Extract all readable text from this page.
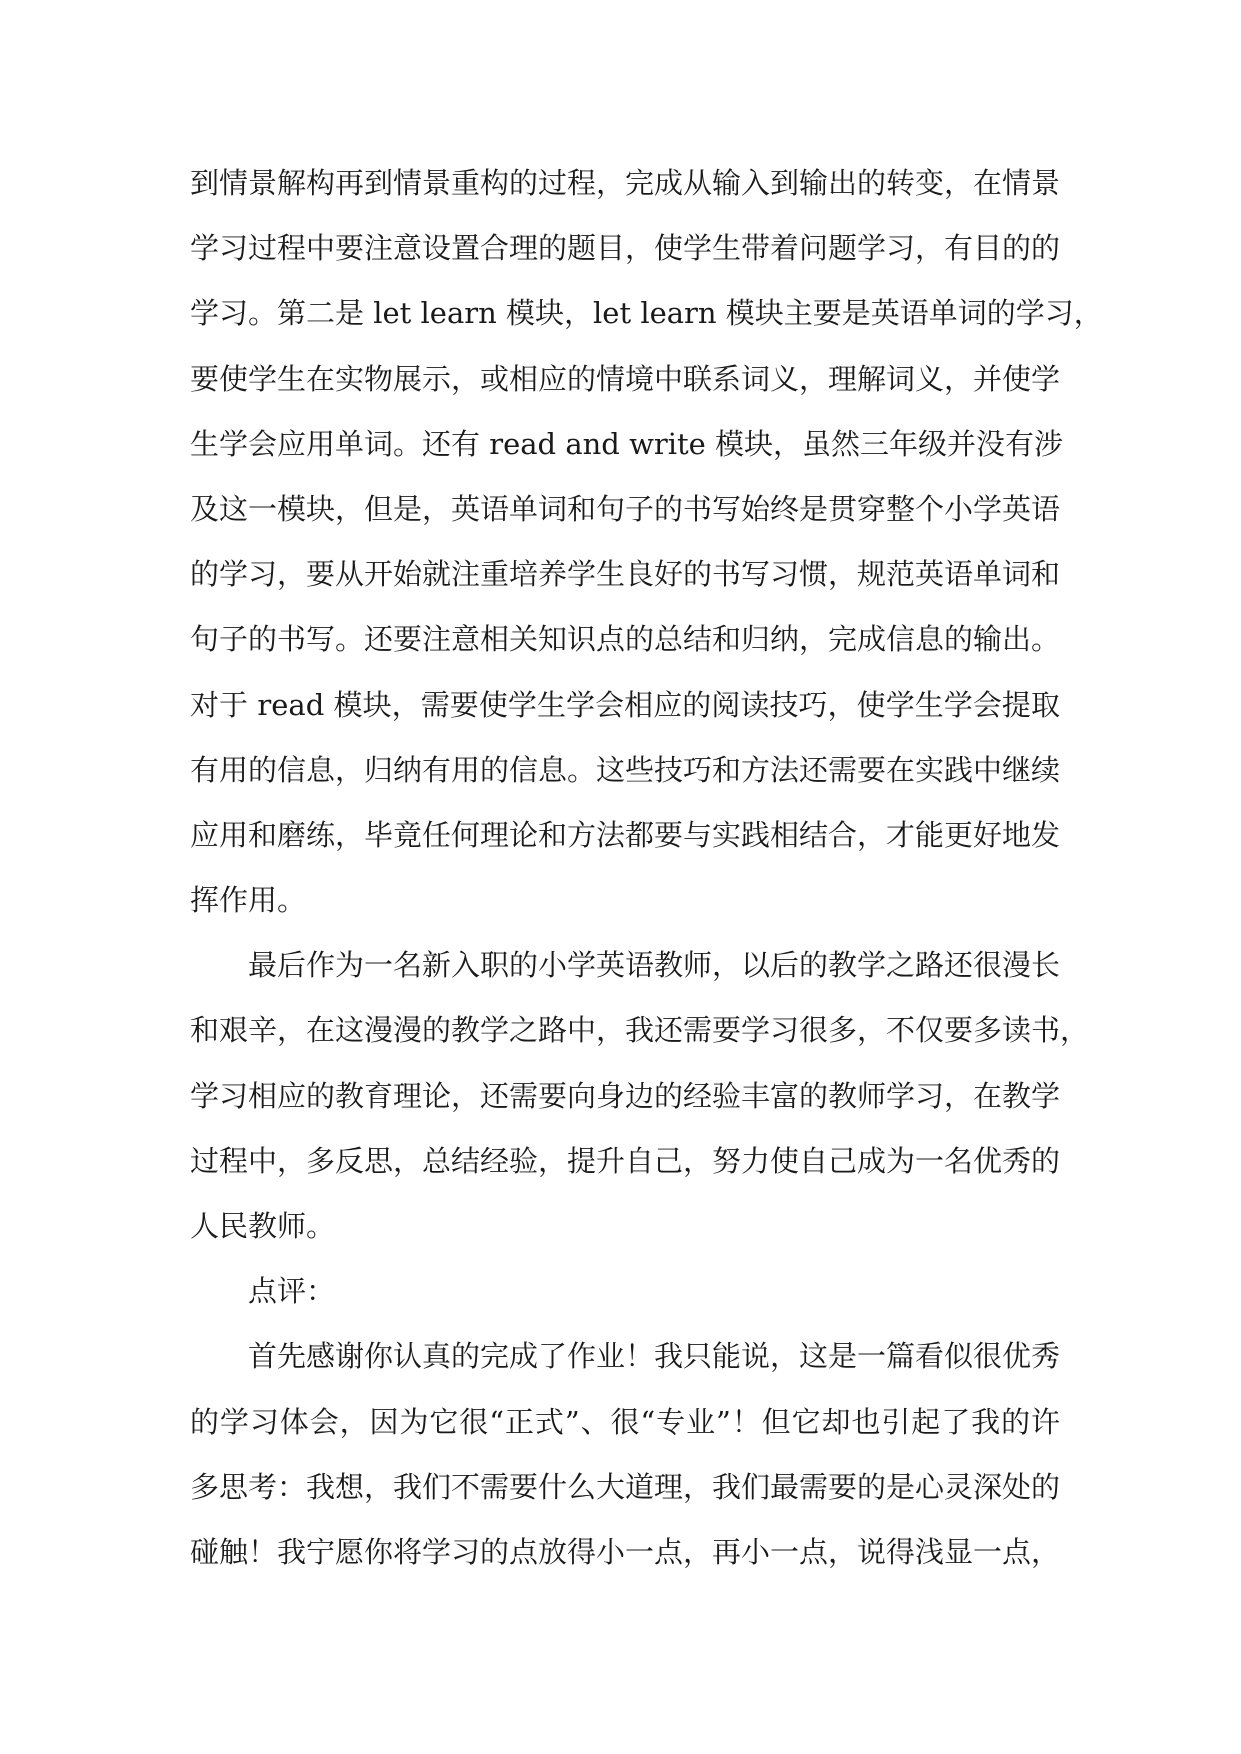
到情景解构再到情景重构的过程，完成从输入到输出的转变，在情景
学习过程中要注意设置合理的题目，使学生带着问题学习，有目的的
学习。第二是 let learn 模块，let learn 模块主要是英语单词的学习，
要使学生在实物展示，或相应的情境中联系词义，理解词义，并使学
生学会应用单词。还有 read and write 模块，虽然三年级并没有涉
及这一模块，但是，英语单词和句子的书写始终是贯穿整个小学英语
的学习，要从开始就注重培养学生良好的书写习惯，规范英语单词和
句子的书写。还要注意相关知识点的总结和归纳，完成信息的输出。
对于 read 模块，需要使学生学会相应的阅读技巧，使学生学会提取
有用的信息，归纳有用的信息。这些技巧和方法还需要在实践中继续
应用和磨练，毕竟任何理论和方法都要与实践相结合，才能更好地发
挥作用。
最后作为一名新入职的小学英语教师，以后的教学之路还很漫长
和艰辛，在这漫漫的教学之路中，我还需要学习很多，不仅要多读书，
学习相应的教育理论，还需要向身边的经验丰富的教师学习，在教学
过程中，多反思，总结经验，提升自己，努力使自己成为一名优秀的
人民教师。
点评：
首先感谢你认真的完成了作业！我只能说，这是一篇看似很优秀
的学习体会，因为它很“正式”、很“专业”！但它却也引起了我的许
多思考：我想，我们不需要什么大道理，我们最需要的是心灵深处的
碰触！我宁愿你将学习的点放得小一点，再小一点，说得浅显一点，
